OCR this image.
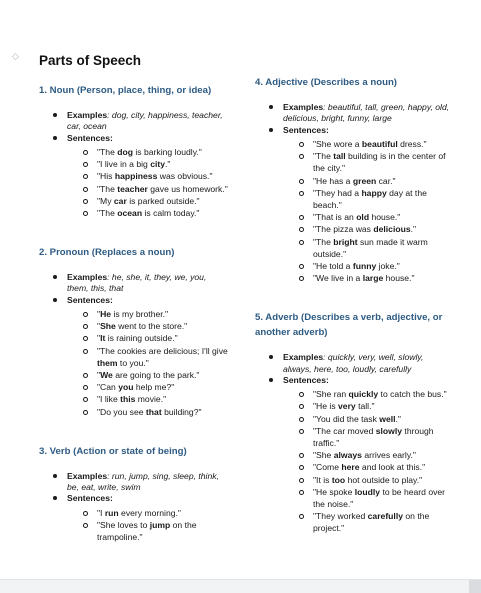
◇ Parts of Speech
1. Noun (Person, place, thing, or idea)
Examples: dog, city, happiness, teacher, car, ocean
Sentences:
"The dog is barking loudly."
"I live in a big city."
"His happiness was obvious."
"The teacher gave us homework."
"My car is parked outside."
"The ocean is calm today."
2. Pronoun (Replaces a noun)
Examples: he, she, it, they, we, you, them, this, that
Sentences:
"He is my brother."
"She went to the store."
"It is raining outside."
"The cookies are delicious; I'll give them to you."
"We are going to the park."
"Can you help me?"
"I like this movie."
"Do you see that building?"
3. Verb (Action or state of being)
Examples: run, jump, sing, sleep, think, be, eat, write, swim
Sentences:
"I run every morning."
"She loves to jump on the trampoline."
4. Adjective (Describes a noun)
Examples: beautiful, tall, green, happy, old, delicious, bright, funny, large
Sentences:
"She wore a beautiful dress."
"The tall building is in the center of the city."
"He has a green car."
"They had a happy day at the beach."
"That is an old house."
"The pizza was delicious."
"The bright sun made it warm outside."
"He told a funny joke."
"We live in a large house."
5. Adverb (Describes a verb, adjective, or another adverb)
Examples: quickly, very, well, slowly, always, here, too, loudly, carefully
Sentences:
"She ran quickly to catch the bus."
"He is very tall."
"You did the task well."
"The car moved slowly through traffic."
"She always arrives early."
"Come here and look at this."
"It is too hot outside to play."
"He spoke loudly to be heard over the noise."
"They worked carefully on the project."
